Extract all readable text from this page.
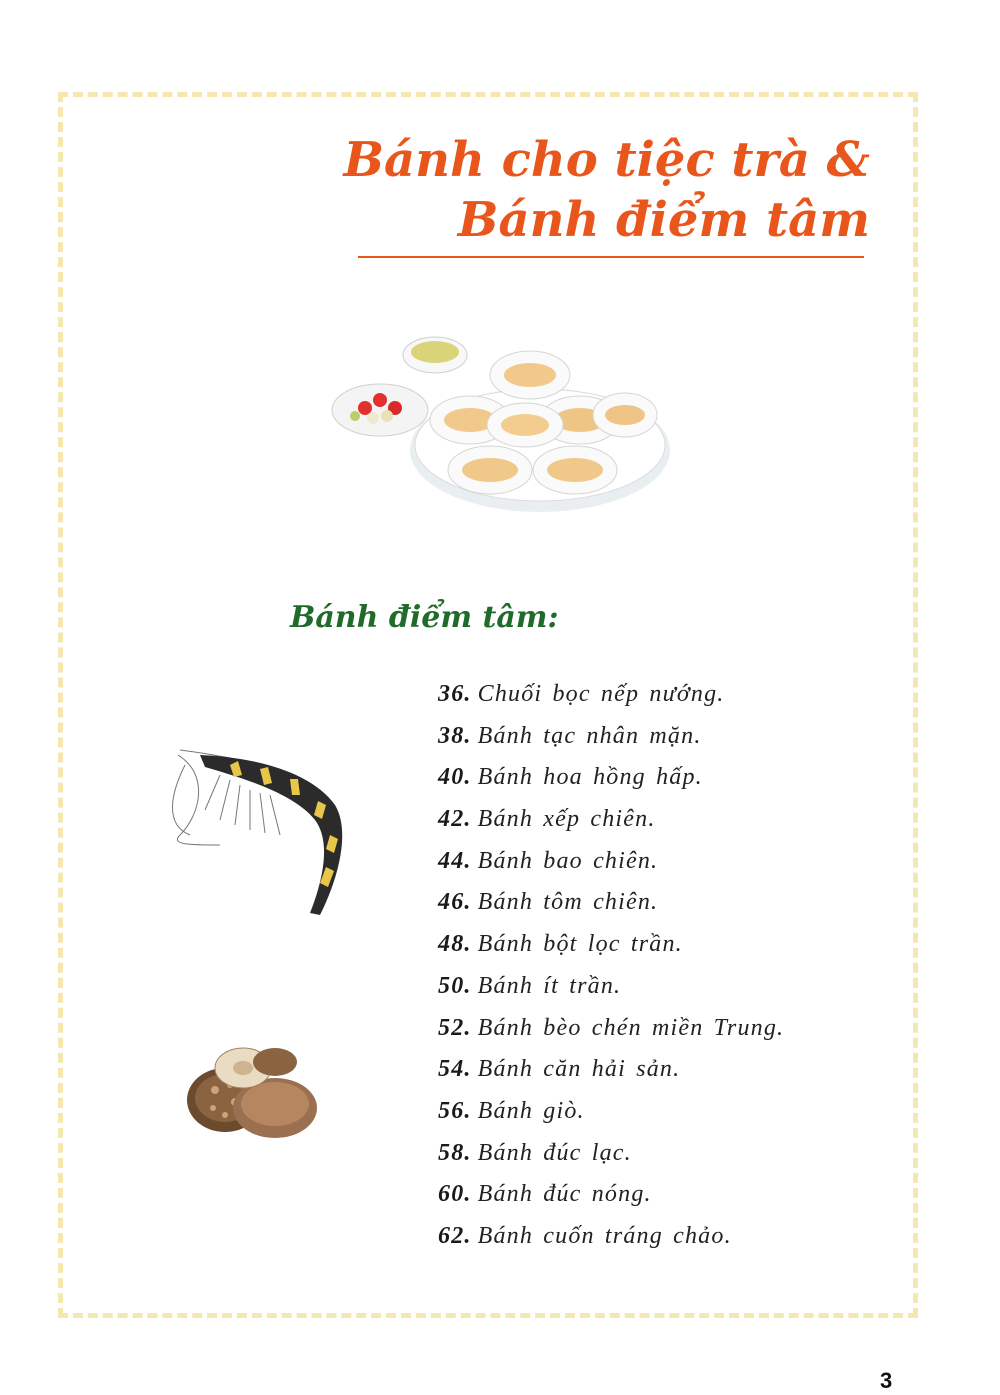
Bánh cho tiệc trà &
Bánh điểm tâm
Bánh điểm tâm:
36. Chuối bọc nếp nướng.
38. Bánh tạc nhân mặn.
40. Bánh hoa hồng hấp.
42. Bánh xếp chiên.
44. Bánh bao chiên.
46. Bánh tôm chiên.
48. Bánh bột lọc trần.
50. Bánh ít trần.
52. Bánh bèo chén miền Trung.
54. Bánh căn hải sản.
56. Bánh giò.
58. Bánh đúc lạc.
60. Bánh đúc nóng.
62. Bánh cuốn tráng chảo.
3
